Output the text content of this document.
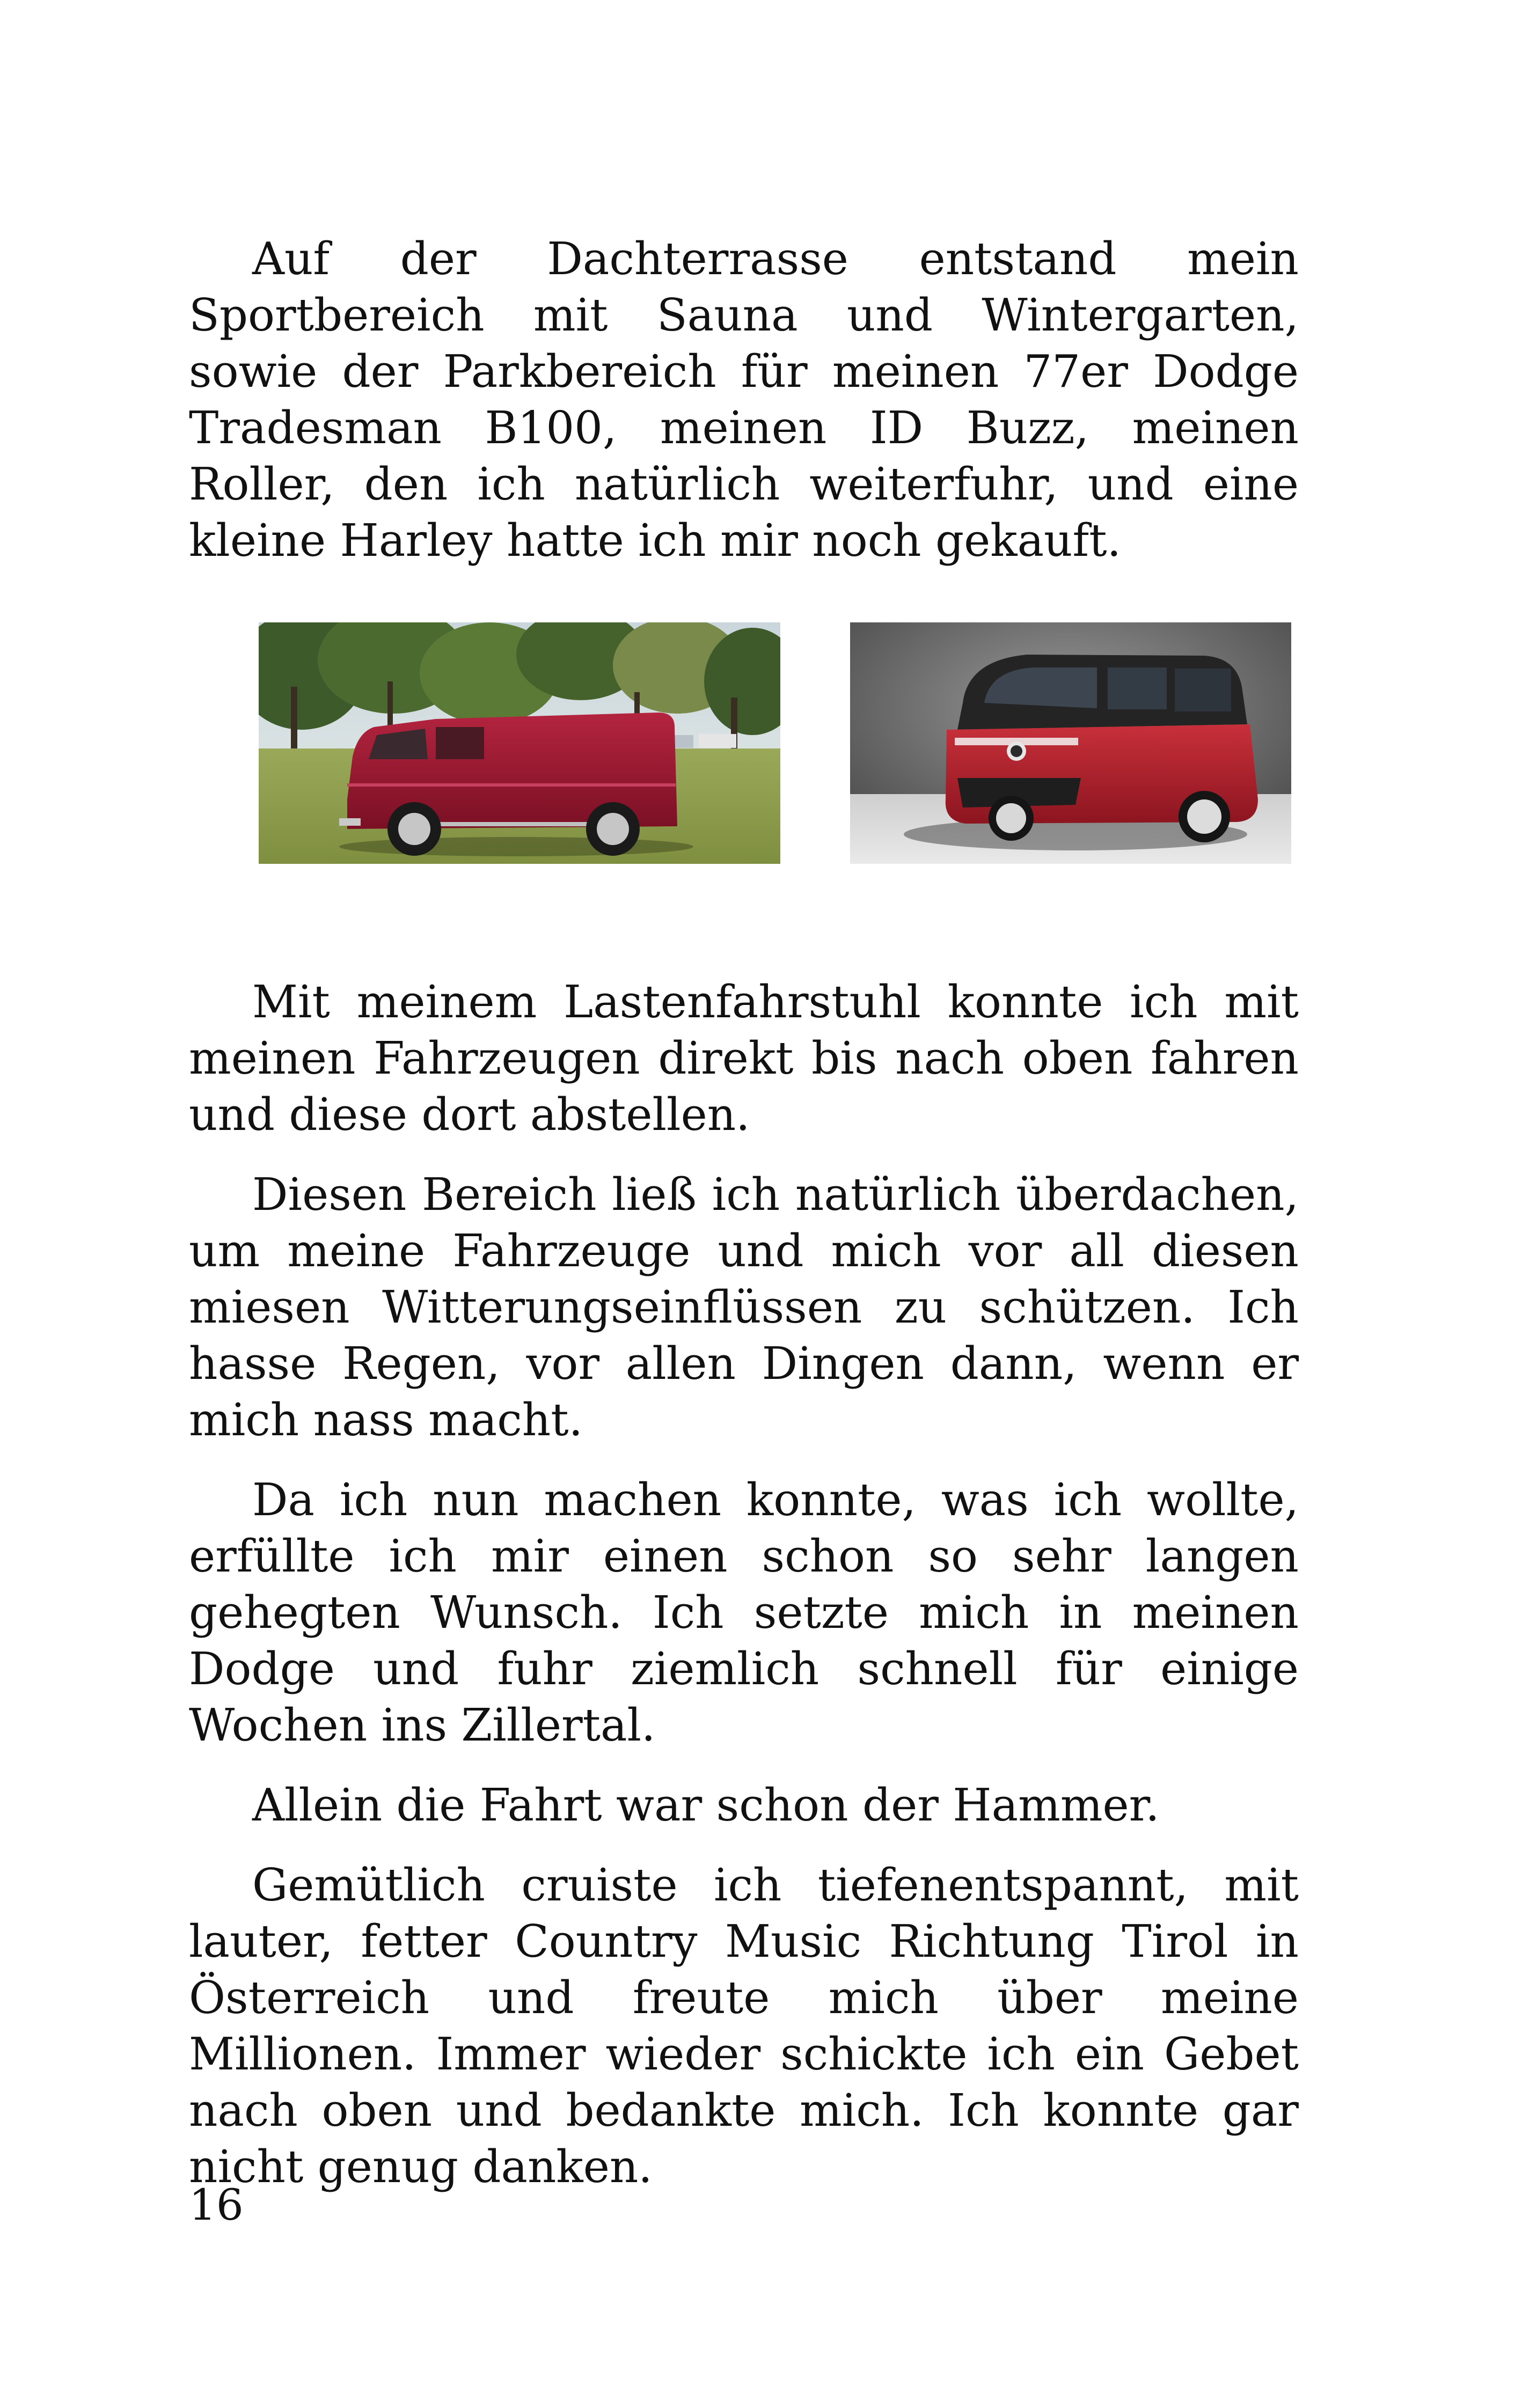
Auf der Dachterrasse entstand mein Sportbereich mit Sauna und Wintergarten, sowie der Parkbereich für meinen 77er Dodge Tradesman B100, meinen ID Buzz, meinen Roller, den ich natürlich weiterfuhr, und eine kleine Harley hatte ich mir noch gekauft.

Mit meinem Lastenfahrstuhl konnte ich mit meinen Fahrzeugen direkt bis nach oben fahren und diese dort abstellen.

Diesen Bereich ließ ich natürlich überdachen, um meine Fahrzeuge und mich vor all diesen miesen Witterungseinflüssen zu schützen. Ich hasse Regen, vor allen Dingen dann, wenn er mich nass macht.

Da ich nun machen konnte, was ich wollte, erfüllte ich mir einen schon so sehr langen gehegten Wunsch. Ich setzte mich in meinen Dodge und fuhr ziemlich schnell für einige Wochen ins Zillertal.

Allein die Fahrt war schon der Hammer.

Gemütlich cruiste ich tiefenentspannt, mit lauter, fetter Country Music Richtung Tirol in Österreich und freute mich über meine Millionen. Immer wieder schickte ich ein Gebet nach oben und bedankte mich. Ich konnte gar nicht genug danken.

16
